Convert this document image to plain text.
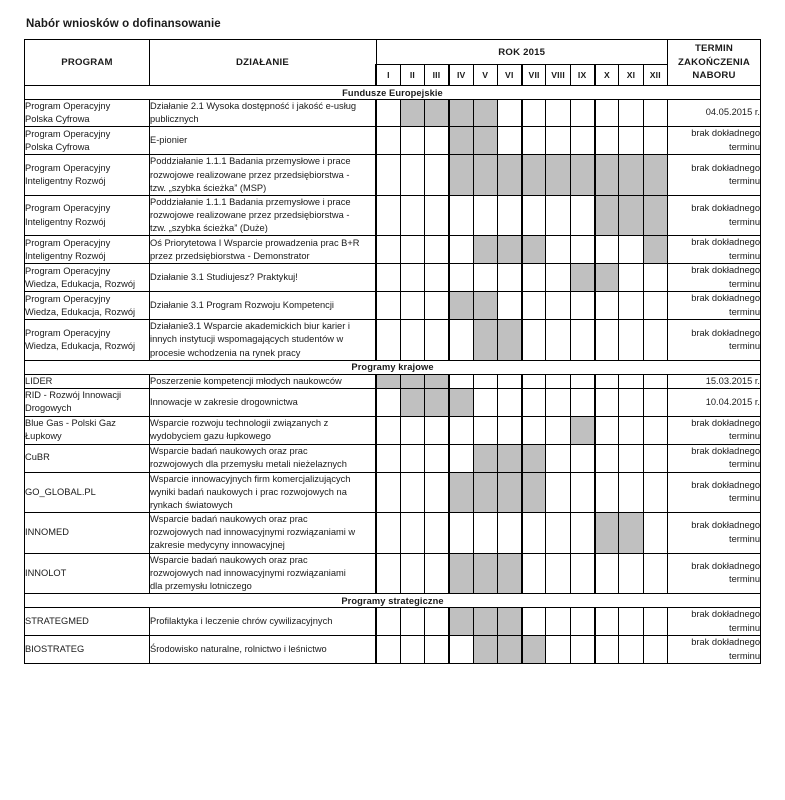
Nabór wniosków o dofinansowanie
PROGRAM	DZIAŁANIE	ROK 2015												TERMIN
ZAKOŃCZENIA
NABORU

		I	II	III	IV	V	VI	VII	VIII	IX	X	XI	XII	
Fundusze Europejskie														

Program Operacyjny
Polska Cyfrowa	Działanie 2.1 Wysoka dostępność i jakość e-usług
publicznych													04.05.2015 r.

Program Operacyjny
Polska Cyfrowa	E-pionier													brak dokładnego
terminu

Program Operacyjny
Inteligentny Rozwój	Poddziałanie 1.1.1 Badania przemysłowe i prace
rozwojowe realizowane przez przedsiębiorstwa -
tzw. „szybka ścieżka” (MSP)													brak dokładnego
terminu

Program Operacyjny
Inteligentny Rozwój	Poddziałanie 1.1.1 Badania przemysłowe i prace
rozwojowe realizowane przez przedsiębiorstwa -
tzw. „szybka ścieżka” (Duże)													brak dokładnego
terminu

Program Operacyjny
Inteligentny Rozwój	Oś Priorytetowa I Wsparcie prowadzenia prac B+R
przez przedsiębiorstwa - Demonstrator													brak dokładnego
terminu

Program Operacyjny
Wiedza, Edukacja, Rozwój	Działanie 3.1 Studiujesz? Praktykuj!													brak dokładnego
terminu

Program Operacyjny
Wiedza, Edukacja, Rozwój	Działanie 3.1 Program Rozwoju Kompetencji													brak dokładnego
terminu

Program Operacyjny
Wiedza, Edukacja, Rozwój	Działanie3.1 Wsparcie akademickich biur karier i
innych instytucji wspomagających studentów w
procesie wchodzenia na rynek pracy													brak dokładnego
terminu

Programy krajowe														

LIDER	Poszerzenie kompetencji młodych naukowców													15.03.2015 r.

RID - Rozwój Innowacji
Drogowych	Innowacje w zakresie drogownictwa													10.04.2015 r.

Blue Gas - Polski Gaz
Łupkowy	Wsparcie rozwoju technologii związanych z
wydobyciem gazu łupkowego													brak dokładnego
terminu

CuBR	Wsparcie badań naukowych oraz prac
rozwojowych dla przemysłu metali nieżelaznych													brak dokładnego
terminu

GO_GLOBAL.PL	Wsparcie innowacyjnych firm komercjalizujących
wyniki badań naukowych i prac rozwojowych na
rynkach światowych													brak dokładnego
terminu

INNOMED	Wsparcie badań naukowych oraz prac
rozwojowych nad innowacyjnymi rozwiązaniami w
zakresie medycyny innowacyjnej													brak dokładnego
terminu

INNOLOT	Wsparcie badań naukowych oraz prac
rozwojowych nad innowacyjnymi rozwiązaniami
dla przemysłu lotniczego													brak dokładnego
terminu

Programy strategiczne														

STRATEGMED	Profilaktyka i leczenie chrów cywilizacyjnych													brak dokładnego
terminu

BIOSTRATEG	Środowisko naturalne, rolnictwo i leśnictwo													brak dokładnego
terminu
